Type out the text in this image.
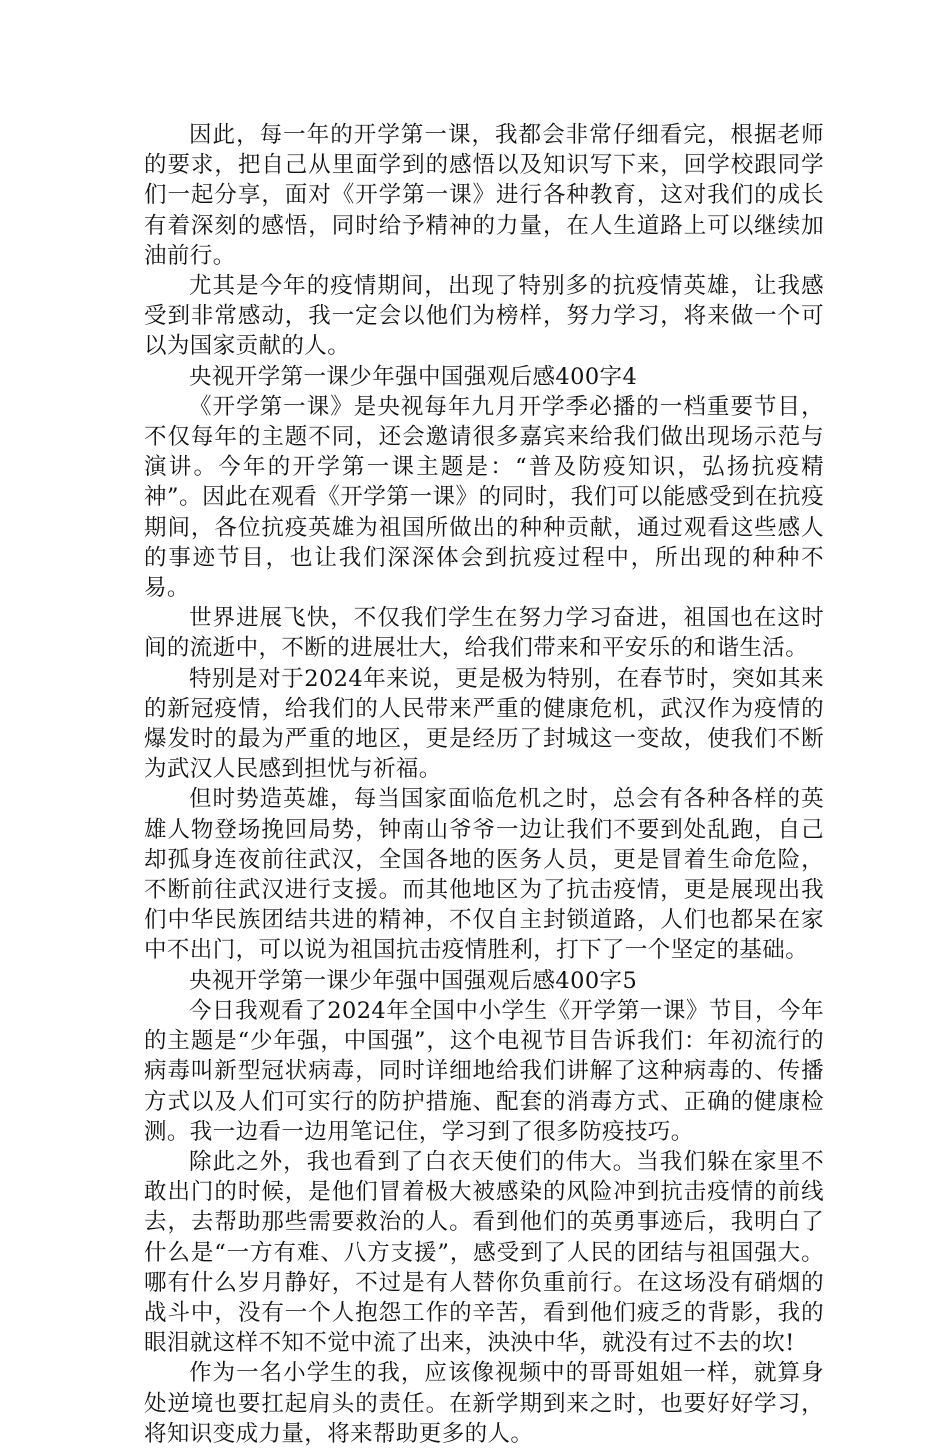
因此，每一年的开学第一课，我都会非常仔细看完，根据老师的要求，把自己从里面学到的感悟以及知识写下来，回学校跟同学们一起分享，面对《开学第一课》进行各种教育，这对我们的成长有着深刻的感悟，同时给予精神的力量，在人生道路上可以继续加油前行。

尤其是今年的疫情期间，出现了特别多的抗疫情英雄，让我感受到非常感动，我一定会以他们为榜样，努力学习，将来做一个可以为国家贡献的人。

央视开学第一课少年强中国强观后感400字4

《开学第一课》是央视每年九月开学季必播的一档重要节目，不仅每年的主题不同，还会邀请很多嘉宾来给我们做出现场示范与演讲。今年的开学第一课主题是：“普及防疫知识，弘扬抗疫精神”。因此在观看《开学第一课》的同时，我们可以能感受到在抗疫期间，各位抗疫英雄为祖国所做出的种种贡献，通过观看这些感人的事迹节目，也让我们深深体会到抗疫过程中，所出现的种种不易。

世界进展飞快，不仅我们学生在努力学习奋进，祖国也在这时间的流逝中，不断的进展壮大，给我们带来和平安乐的和谐生活。

特别是对于2024年来说，更是极为特别，在春节时，突如其来的新冠疫情，给我们的人民带来严重的健康危机，武汉作为疫情的爆发时的最为严重的地区，更是经历了封城这一变故，使我们不断为武汉人民感到担忧与祈福。

但时势造英雄，每当国家面临危机之时，总会有各种各样的英雄人物登场挽回局势，钟南山爷爷一边让我们不要到处乱跑，自己却孤身连夜前往武汉，全国各地的医务人员，更是冒着生命危险，不断前往武汉进行支援。而其他地区为了抗击疫情，更是展现出我们中华民族团结共进的精神，不仅自主封锁道路，人们也都呆在家中不出门，可以说为祖国抗击疫情胜利，打下了一个坚定的基础。

央视开学第一课少年强中国强观后感400字5

今日我观看了2024年全国中小学生《开学第一课》节目，今年的主题是“少年强，中国强”，这个电视节目告诉我们：年初流行的病毒叫新型冠状病毒，同时详细地给我们讲解了这种病毒的、传播方式以及人们可实行的防护措施、配套的消毒方式、正确的健康检测。我一边看一边用笔记住，学习到了很多防疫技巧。

除此之外，我也看到了白衣天使们的伟大。当我们躲在家里不敢出门的时候，是他们冒着极大被感染的风险冲到抗击疫情的前线去，去帮助那些需要救治的人。看到他们的英勇事迹后，我明白了什么是“一方有难、八方支援”，感受到了人民的团结与祖国强大。哪有什么岁月静好，不过是有人替你负重前行。在这场没有硝烟的战斗中，没有一个人抱怨工作的辛苦，看到他们疲乏的背影，我的眼泪就这样不知不觉中流了出来，泱泱中华，就没有过不去的坎!

作为一名小学生的我，应该像视频中的哥哥姐姐一样，就算身处逆境也要扛起肩头的责任。在新学期到来之时，也要好好学习，将知识变成力量，将来帮助更多的人。
